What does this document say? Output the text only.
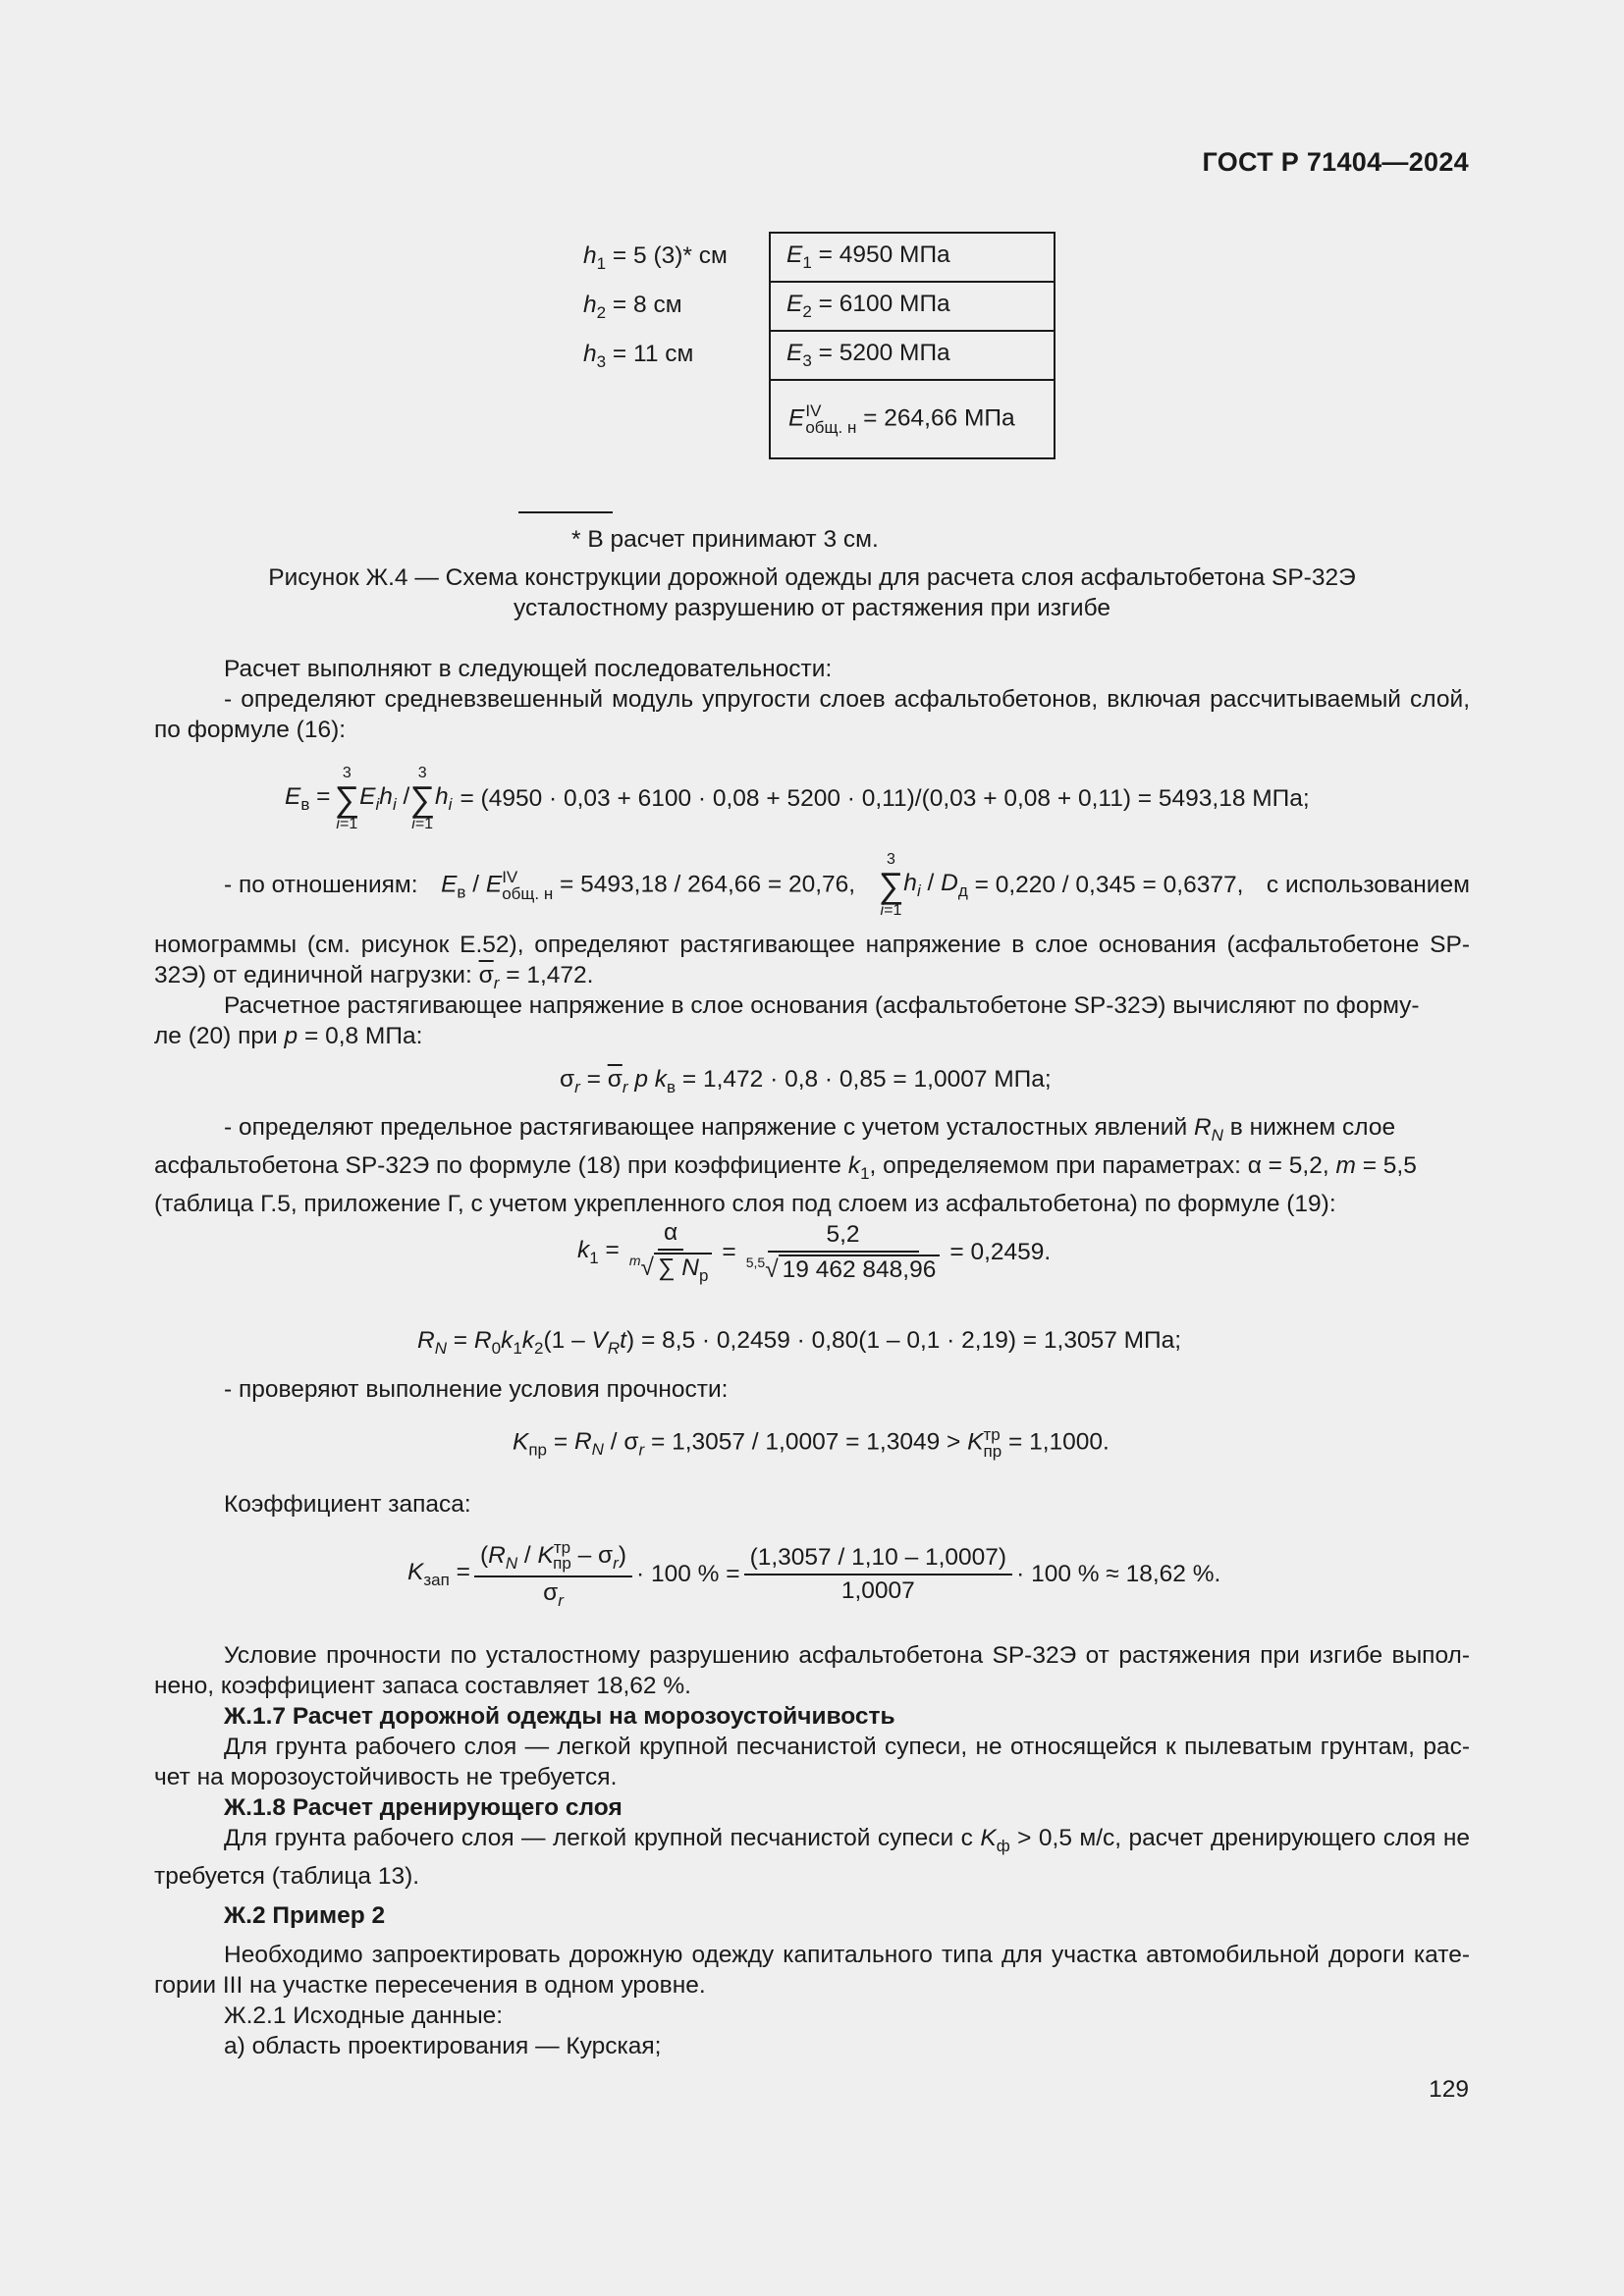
ГОСТ Р 71404—2024
$h_1 = 5$ (3)* см
$h_2 = 8$ см
$h_3 = 11$ см
$E_1 = 4950$ МПа
$E_2 = 6100$ МПа
$E_3 = 5200$ МПа
E IV
общ. н = 264,66 МПа
* В расчет принимают 3 см.
Рисунок Ж.4 — Схема конструкции дорожной одежды для расчета слоя асфальтобетона SP-32Э
усталостному разрушению от растяжения при изгибе
Расчет выполняют в следующей последовательности:
- определяют средневзвешенный модуль упругости слоев асфальтобетонов, включая рассчитываемый слой, по формуле (16):
$E_в$ =
3
∑
i=1
$E_ih_i$ /
3
∑
i=1
$h_i = (4950 \cdot 0,03 + 6100 \cdot 0,08 + 5200 \cdot 0,11)/(0,03 + 0,08 + 0,11) = 5493,18$ МПа;
- по отношениям: $E_в$ / E IV
общ. н = 5493,18 / 264,66 = 20,76,
3
∑
i=1
$h_i / D_д = 0,220 / 0,345 = 0,6377$, с использованием
номограммы (см. рисунок Е.52), определяют растягивающее напряжение в слое основания (асфальтобетоне SP-32Э) от единичной нагрузки: $\overline{\sigma}_r = 1,472$.
Расчетное растягивающее напряжение в слое основания (асфальтобетоне SP-32Э) вычисляют по форму-
ле (20) при p = 0,8 МПа:
$\sigma_r = \overline{\sigma}_r$ p $k_в = 1,472 \cdot 0,8 \cdot 0,85 = 1,0007$ МПа;
- определяют предельное растягивающее напряжение с учетом усталостных явлений $R_N$ в нижнем слое
асфальтобетона SP-32Э по формуле (18) при коэффициенте $k_1$, определяемом при параметрах: α = 5,2, m = 5,5
(таблица Г.5, приложение Г, с учетом укрепленного слоя под слоем из асфальтобетона) по формуле (19):
$k_1 = \frac{\alpha}{^m√ \sum N_р} = \frac{5,2}{^{5,5}√ 19 462 848,96} = 0,2459$.
$R_N = R_0k_1k_2(1 - V_Rt) = 8,5 \cdot 0,2459 \cdot 0,80(1 - 0,1 \cdot 2,19) = 1,3057$ МПа;
- проверяют выполнение условия прочности:
$K_{пр} = R_N / \sigma_r = 1,3057 / 1,0007 = 1,3049 > K$ тр
пр = 1,1000.
Коэффициент запаса:
$K_{зап} = \frac{(R_N / K^{тр}_{пр} - \sigma_r)}{\sigma_r} \cdot 100$ % = $\frac{(1,3057 / 1,10 - 1,0007)}{1,0007} \cdot 100$ % ≈ 18,62 %.
Условие прочности по усталостному разрушению асфальтобетона SP-32Э от растяжения при изгибе выпол-нено, коэффициент запаса составляет 18,62 %.
Ж.1.7 Расчет дорожной одежды на морозоустойчивость
Для грунта рабочего слоя — легкой крупной песчанистой супеси, не относящейся к пылеватым грунтам, рас-чет на морозоустойчивость не требуется.
Ж.1.8 Расчет дренирующего слоя
Для грунта рабочего слоя — легкой крупной песчанистой супеси с $K_ф > 0,5$ м/с, расчет дренирующего слоя не требуется (таблица 13).
Ж.2 Пример 2
Необходимо запроектировать дорожную одежду капитального типа для участка автомобильной дороги кате-гории III на участке пересечения в одном уровне.
Ж.2.1 Исходные данные:
а) область проектирования — Курская;
129
